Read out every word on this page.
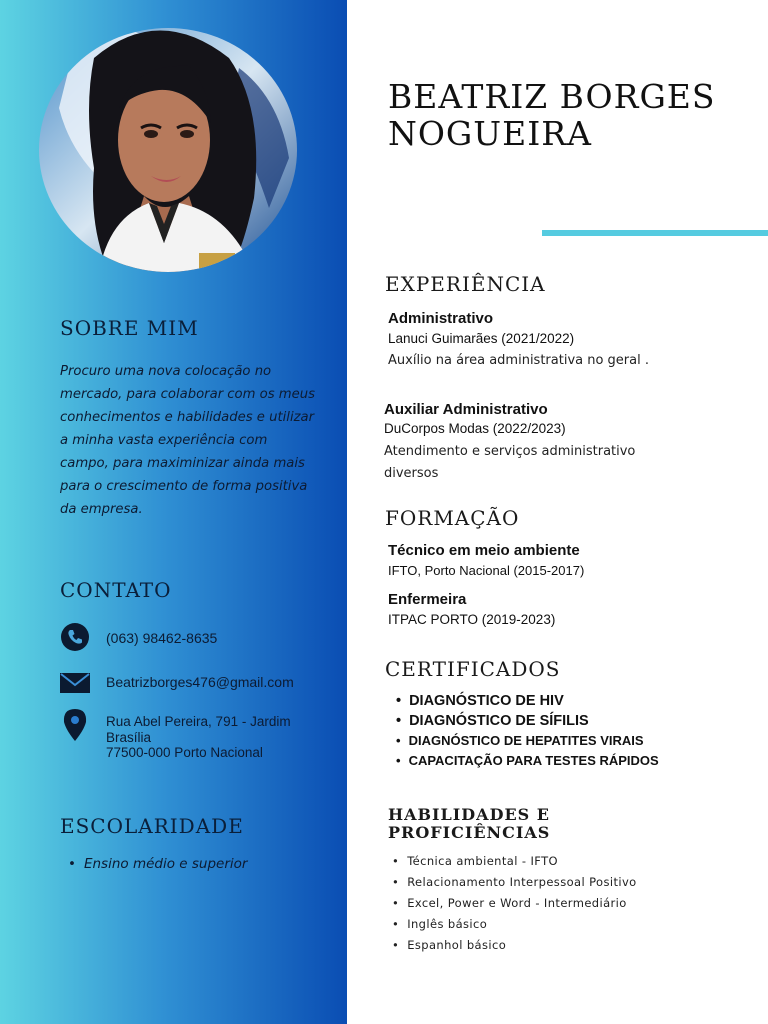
SOBRE MIM

Procuro uma nova colocação no mercado, para colaborar com os meus conhecimentos e habilidades e utilizar a minha vasta experiência com campo, para maximinizar ainda mais para o crescimento de forma positiva da empresa.

CONTATO
(063) 98462-8635
Beatrizborges476@gmail.com
Rua Abel Pereira, 791 - Jardim
Brasília
77500-000 Porto Nacional
ESCOLARIDADE
• Ensino médio e superior
BEATRIZ BORGES NOGUEIRA
EXPERIÊNCIA
Administrativo
Lanuci Guimarães (2021/2022)
Auxílio na área administrativa no geral .
Auxiliar Administrativo
DuCorpos Modas (2022/2023)
Atendimento e serviços administrativo diversos
FORMAÇÃO
Técnico em meio ambiente
IFTO, Porto Nacional (2015-2017)
Enfermeira
ITPAC PORTO (2019-2023)
CERTIFICADOS
• DIAGNÓSTICO DE HIV
• DIAGNÓSTICO DE SÍFILIS
• DIAGNÓSTICO DE HEPATITES VIRAIS
• CAPACITAÇÃO PARA TESTES RÁPIDOS
HABILIDADES E PROFICIÊNCIAS
• Técnica ambiental - IFTO
• Relacionamento Interpessoal Positivo
• Excel, Power e Word - Intermediário
• Inglês básico
• Espanhol básico
